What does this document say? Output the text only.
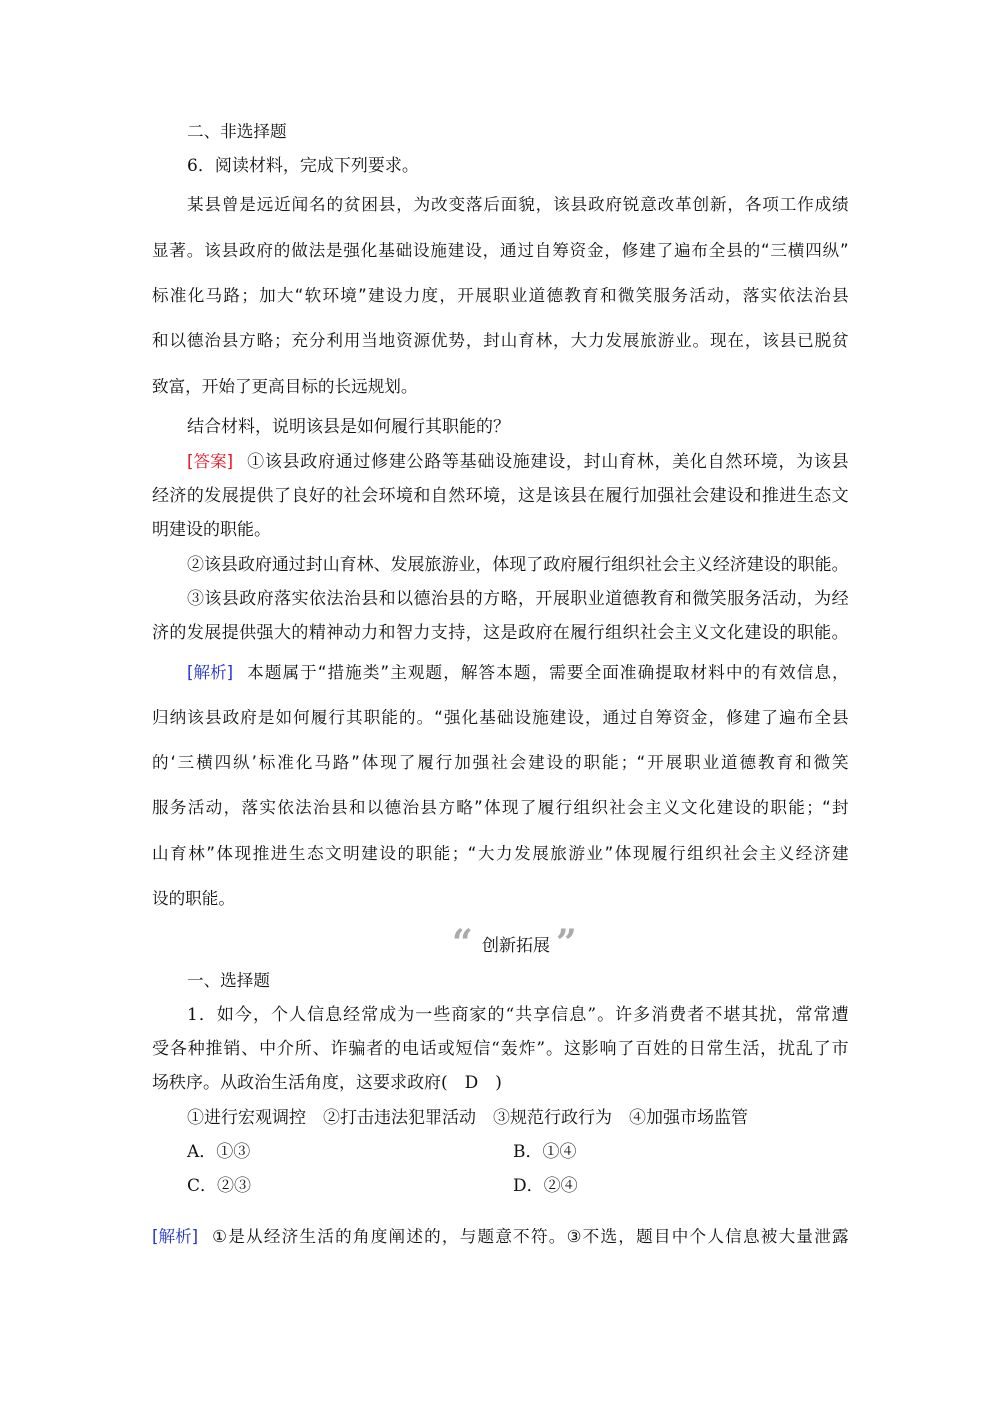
二、非选择题
6．阅读材料，完成下列要求。
某县曾是远近闻名的贫困县，为改变落后面貌，该县政府锐意改革创新，各项工作成绩
显著。该县政府的做法是强化基础设施建设，通过自筹资金，修建了遍布全县的“三横四纵”
标准化马路；加大“软环境”建设力度，开展职业道德教育和微笑服务活动，落实依法治县
和以德治县方略；充分利用当地资源优势，封山育林，大力发展旅游业。现在，该县已脱贫
致富，开始了更高目标的长远规划。
结合材料，说明该县是如何履行其职能的？
[答案] ①该县政府通过修建公路等基础设施建设，封山育林，美化自然环境，为该县
经济的发展提供了良好的社会环境和自然环境，这是该县在履行加强社会建设和推进生态文
明建设的职能。
②该县政府通过封山育林、发展旅游业，体现了政府履行组织社会主义经济建设的职能。
③该县政府落实依法治县和以德治县的方略，开展职业道德教育和微笑服务活动，为经
济的发展提供强大的精神动力和智力支持，这是政府在履行组织社会主义文化建设的职能。
[解析] 本题属于“措施类”主观题，解答本题，需要全面准确提取材料中的有效信息，
归纳该县政府是如何履行其职能的。“强化基础设施建设，通过自筹资金，修建了遍布全县
的‘三横四纵’标准化马路”体现了履行加强社会建设的职能；“开展职业道德教育和微笑
服务活动，落实依法治县和以德治县方略”体现了履行组织社会主义文化建设的职能；“封
山育林”体现推进生态文明建设的职能；“大力发展旅游业”体现履行组织社会主义经济建
设的职能。
“ 创新拓展 ”
一、选择题
1．如今，个人信息经常成为一些商家的“共享信息”。许多消费者不堪其扰，常常遭
受各种推销、中介所、诈骗者的电话或短信“轰炸”。这影响了百姓的日常生活，扰乱了市
场秩序。从政治生活角度，这要求政府(　D　)
①进行宏观调控　②打击违法犯罪活动　③规范行政行为　④加强市场监管
A．①③	B．①④
C．②③	D．②④
[解析] ①是从经济生活的角度阐述的，与题意不符。③不选，题目中个人信息被大量泄露
